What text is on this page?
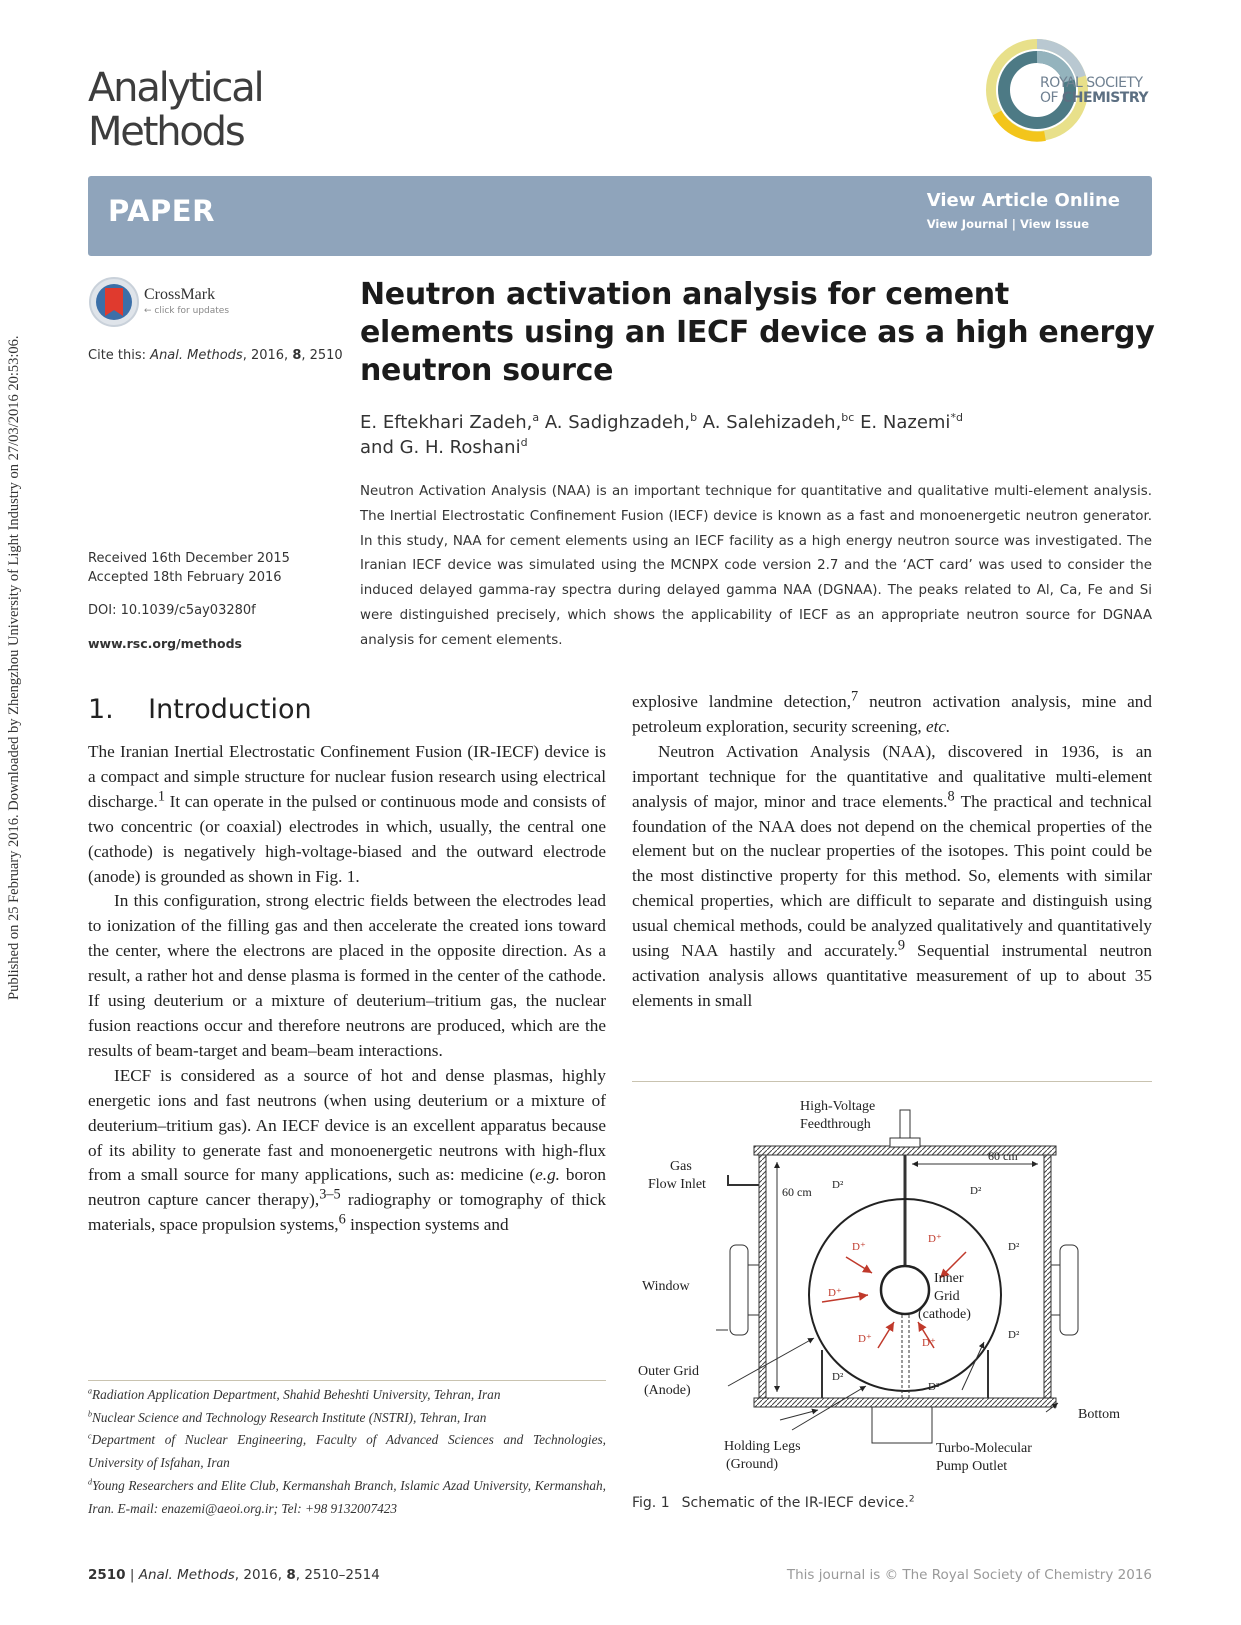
Published on 25 February 2016. Downloaded by Zhengzhou University of Light Industry on 27/03/2016 20:53:06.
Analytical
Methods
ROYAL SOCIETY
OF CHEMISTRY
PAPER	View Article Online
View Journal | View Issue
CrossMark
← click for updates
Cite this: Anal. Methods, 2016, 8, 2510
Received 16th December 2015
Accepted 18th February 2016
DOI: 10.1039/c5ay03280f
www.rsc.org/methods
Neutron activation analysis for cement elements using an IECF device as a high energy neutron source
E. Eftekhari Zadeh,$^a$ A. Sadighzadeh,$^b$ A. Salehizadeh,$^{bc}$ E. Nazemi$^{*d}$
and G. H. Roshani$^d$
Neutron Activation Analysis (NAA) is an important technique for quantitative and qualitative multi-element analysis. The Inertial Electrostatic Confinement Fusion (IECF) device is known as a fast and monoenergetic neutron generator. In this study, NAA for cement elements using an IECF facility as a high energy neutron source was investigated. The Iranian IECF device was simulated using the MCNPX code version 2.7 and the ‘ACT card’ was used to consider the induced delayed gamma-ray spectra during delayed gamma NAA (DGNAA). The peaks related to Al, Ca, Fe and Si were distinguished precisely, which shows the applicability of IECF as an appropriate neutron source for DGNAA analysis for cement elements.
1. Introduction

The Iranian Inertial Electrostatic Confinement Fusion (IR-IECF) device is a compact and simple structure for nuclear fusion research using electrical discharge.$^1$ It can operate in the pulsed or continuous mode and consists of two concentric (or coaxial) electrodes in which, usually, the central one (cathode) is negatively high-voltage-biased and the outward electrode (anode) is grounded as shown in Fig. 1.

In this configuration, strong electric fields between the electrodes lead to ionization of the filling gas and then accelerate the created ions toward the center, where the electrons are placed in the opposite direction. As a result, a rather hot and dense plasma is formed in the center of the cathode. If using deuterium or a mixture of deuterium–tritium gas, the nuclear fusion reactions occur and therefore neutrons are produced, which are the results of beam-target and beam–beam interactions.

IECF is considered as a source of hot and dense plasmas, highly energetic ions and fast neutrons (when using deuterium or a mixture of deuterium–tritium gas). An IECF device is an excellent apparatus because of its ability to generate fast and monoenergetic neutrons with high-flux from a small source for many applications, such as: medicine (e.g. boron neutron capture cancer therapy),$^{3-5}$ radiography or tomography of thick materials, space propulsion systems,$^6$ inspection systems and

explosive landmine detection,$^7$ neutron activation analysis, mine and petroleum exploration, security screening, etc.

Neutron Activation Analysis (NAA), discovered in 1936, is an important technique for the quantitative and qualitative multi-element analysis of major, minor and trace elements.$^8$ The practical and technical foundation of the NAA does not depend on the chemical properties of the element but on the nuclear properties of the isotopes. This point could be the most distinctive property for this method. So, elements with similar chemical properties, which are difficult to separate and distinguish using usual chemical methods, could be analyzed qualitatively and quantitatively using NAA hastily and accurately.$^9$ Sequential instrumental neutron activation analysis allows quantitative measurement of up to about 35 elements in small

$^a$Radiation Application Department, Shahid Beheshti University, Tehran, Iran
$^b$Nuclear Science and Technology Research Institute (NSTRI), Tehran, Iran
$^c$Department of Nuclear Engineering, Faculty of Advanced Sciences and Technologies, University of Isfahan, Iran
$^d$Young Researchers and Elite Club, Kermanshah Branch, Islamic Azad University, Kermanshah, Iran. E-mail: enazemi@aeoi.org.ir; Tel: +98 9132007423
High-Voltage
Feedthrough
Gas
Flow Inlet
60 cm
60 cm
Window
Inner
Grid
(cathode)
Outer Grid
(Anode)
Bottom
Holding Legs
(Ground)
Turbo-Molecular
Pump Outlet
D²	D²
D²
D²
D²
D²
D⁺
D⁺
D⁺
D⁺	D⁺
Fig. 1 Schematic of the IR-IECF device.$^2$
2510 | Anal. Methods, 2016, 8, 2510–2514	This journal is © The Royal Society of Chemistry 2016
